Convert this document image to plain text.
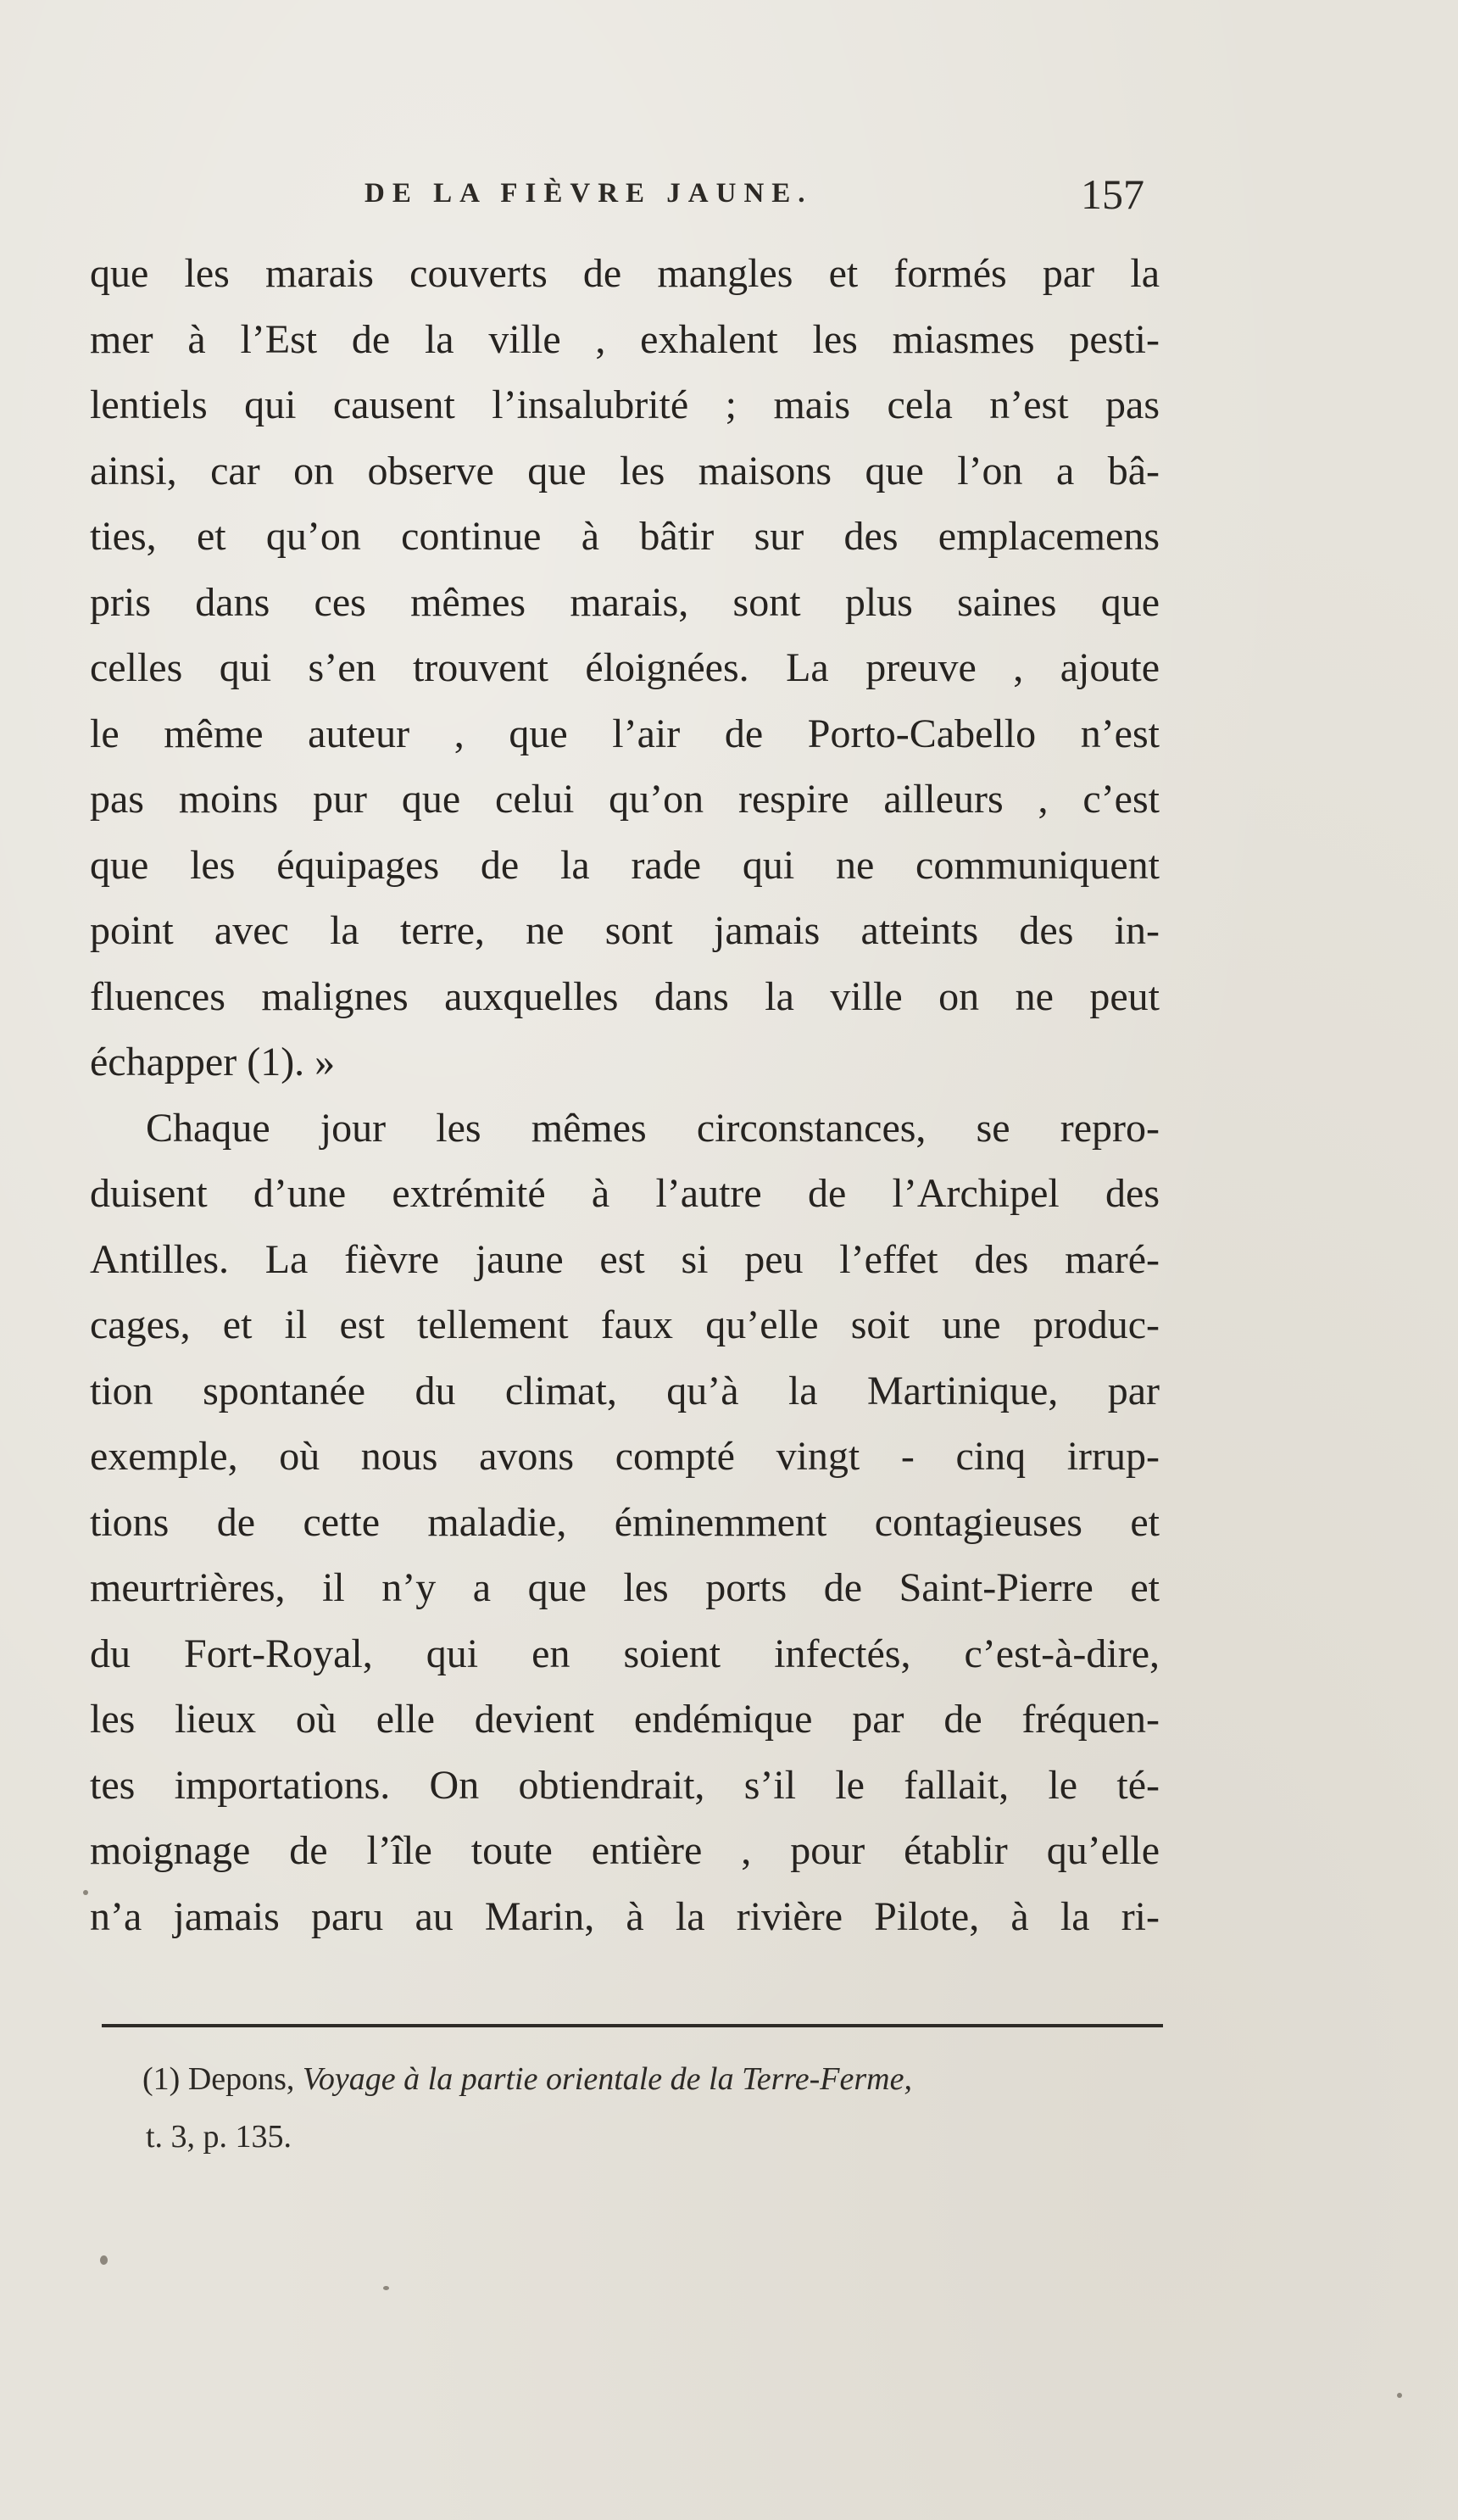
DE LA FIÈVRE JAUNE.	157
que les marais couverts de mangles et formés par la
mer à l’Est de la ville , exhalent les miasmes pesti-
lentiels qui causent l’insalubrité ; mais cela n’est pas
ainsi, car on observe que les maisons que l’on a bâ-
ties, et qu’on continue à bâtir sur des emplacemens
pris dans ces mêmes marais, sont plus saines que
celles qui s’en trouvent éloignées. La preuve , ajoute
le même auteur , que l’air de Porto-Cabello n’est
pas moins pur que celui qu’on respire ailleurs , c’est
que les équipages de la rade qui ne communiquent
point avec la terre, ne sont jamais atteints des in-
fluences malignes auxquelles dans la ville on ne peut
échapper (1). »
Chaque jour les mêmes circonstances, se repro-
duisent d’une extrémité à l’autre de l’Archipel des
Antilles. La fièvre jaune est si peu l’effet des maré-
cages, et il est tellement faux qu’elle soit une produc-
tion spontanée du climat, qu’à la Martinique, par
exemple, où nous avons compté vingt - cinq irrup-
tions de cette maladie, éminemment contagieuses et
meurtrières, il n’y a que les ports de Saint-Pierre et
du Fort-Royal, qui en soient infectés, c’est-à-dire,
les lieux où elle devient endémique par de fréquen-
tes importations. On obtiendrait, s’il le fallait, le té-
moignage de l’île toute entière , pour établir qu’elle
n’a jamais paru au Marin, à la rivière Pilote, à la ri-
(1) Depons, Voyage à la partie orientale de la Terre-Ferme,
t. 3, p. 135.
